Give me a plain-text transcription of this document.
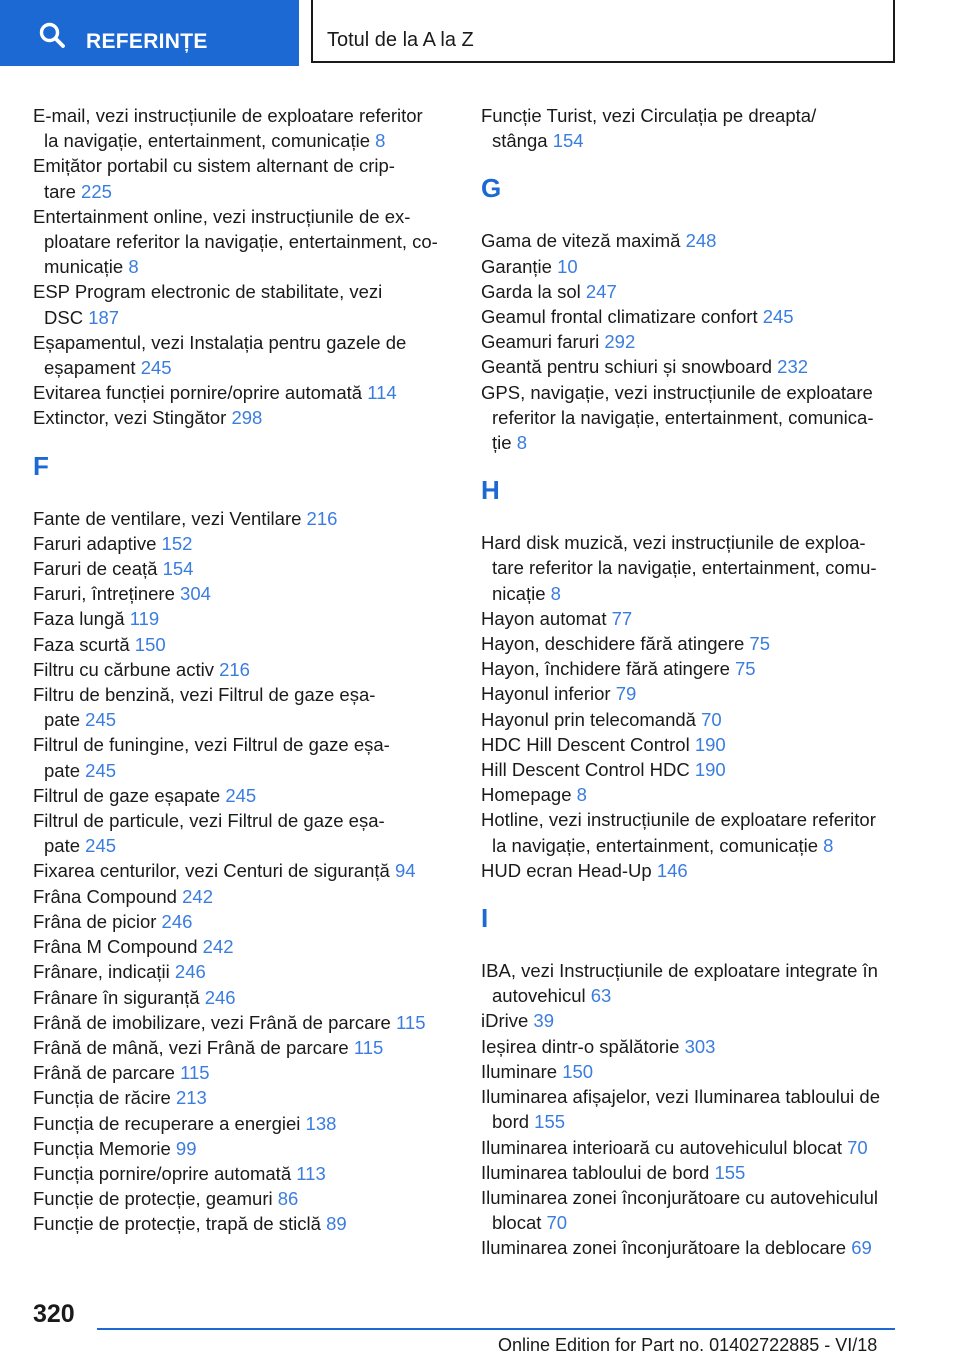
REFERINȚE	Totul de la A la Z
E-mail, vezi instrucțiunile de exploatare referitor
la navigație, entertainment, comunicație 8
Emițător portabil cu sistem alternant de crip-
tare 225
Entertainment online, vezi instrucțiunile de ex-
ploatare referitor la navigație, entertainment, co-
municație 8
ESP Program electronic de stabilitate, vezi
DSC 187
Eșapamentul, vezi Instalația pentru gazele de
eșapament 245
Evitarea funcției pornire/oprire automată 114
Extinctor, vezi Stingător 298
F
Fante de ventilare, vezi Ventilare 216
Faruri adaptive 152
Faruri de ceață 154
Faruri, întreținere 304
Faza lungă 119
Faza scurtă 150
Filtru cu cărbune activ 216
Filtru de benzină, vezi Filtrul de gaze eșa-
pate 245
Filtrul de funingine, vezi Filtrul de gaze eșa-
pate 245
Filtrul de gaze eșapate 245
Filtrul de particule, vezi Filtrul de gaze eșa-
pate 245
Fixarea centurilor, vezi Centuri de siguranță 94
Frâna Compound 242
Frâna de picior 246
Frâna M Compound 242
Frânare, indicații 246
Frânare în siguranță 246
Frână de imobilizare, vezi Frână de parcare 115
Frână de mână, vezi Frână de parcare 115
Frână de parcare 115
Funcția de răcire 213
Funcția de recuperare a energiei 138
Funcția Memorie 99
Funcția pornire/oprire automată 113
Funcție de protecție, geamuri 86
Funcție de protecție, trapă de sticlă 89
Funcție Turist, vezi Circulația pe dreapta/
stânga 154
G
Gama de viteză maximă 248
Garanție 10
Garda la sol 247
Geamul frontal climatizare confort 245
Geamuri faruri 292
Geantă pentru schiuri și snowboard 232
GPS, navigație, vezi instrucțiunile de exploatare
referitor la navigație, entertainment, comunica-
ție 8
H
Hard disk muzică, vezi instrucțiunile de exploa-
tare referitor la navigație, entertainment, comu-
nicație 8
Hayon automat 77
Hayon, deschidere fără atingere 75
Hayon, închidere fără atingere 75
Hayonul inferior 79
Hayonul prin telecomandă 70
HDC Hill Descent Control 190
Hill Descent Control HDC 190
Homepage 8
Hotline, vezi instrucțiunile de exploatare referitor
la navigație, entertainment, comunicație 8
HUD ecran Head-Up 146
I
IBA, vezi Instrucțiunile de exploatare integrate în
autovehicul 63
iDrive 39
Ieșirea dintr-o spălătorie 303
Iluminare 150
Iluminarea afișajelor, vezi Iluminarea tabloului de
bord 155
Iluminarea interioară cu autovehiculul blocat 70
Iluminarea tabloului de bord 155
Iluminarea zonei înconjurătoare cu autovehiculul
blocat 70
Iluminarea zonei înconjurătoare la deblocare 69
320
Online Edition for Part no. 01402722885 - VI/18
